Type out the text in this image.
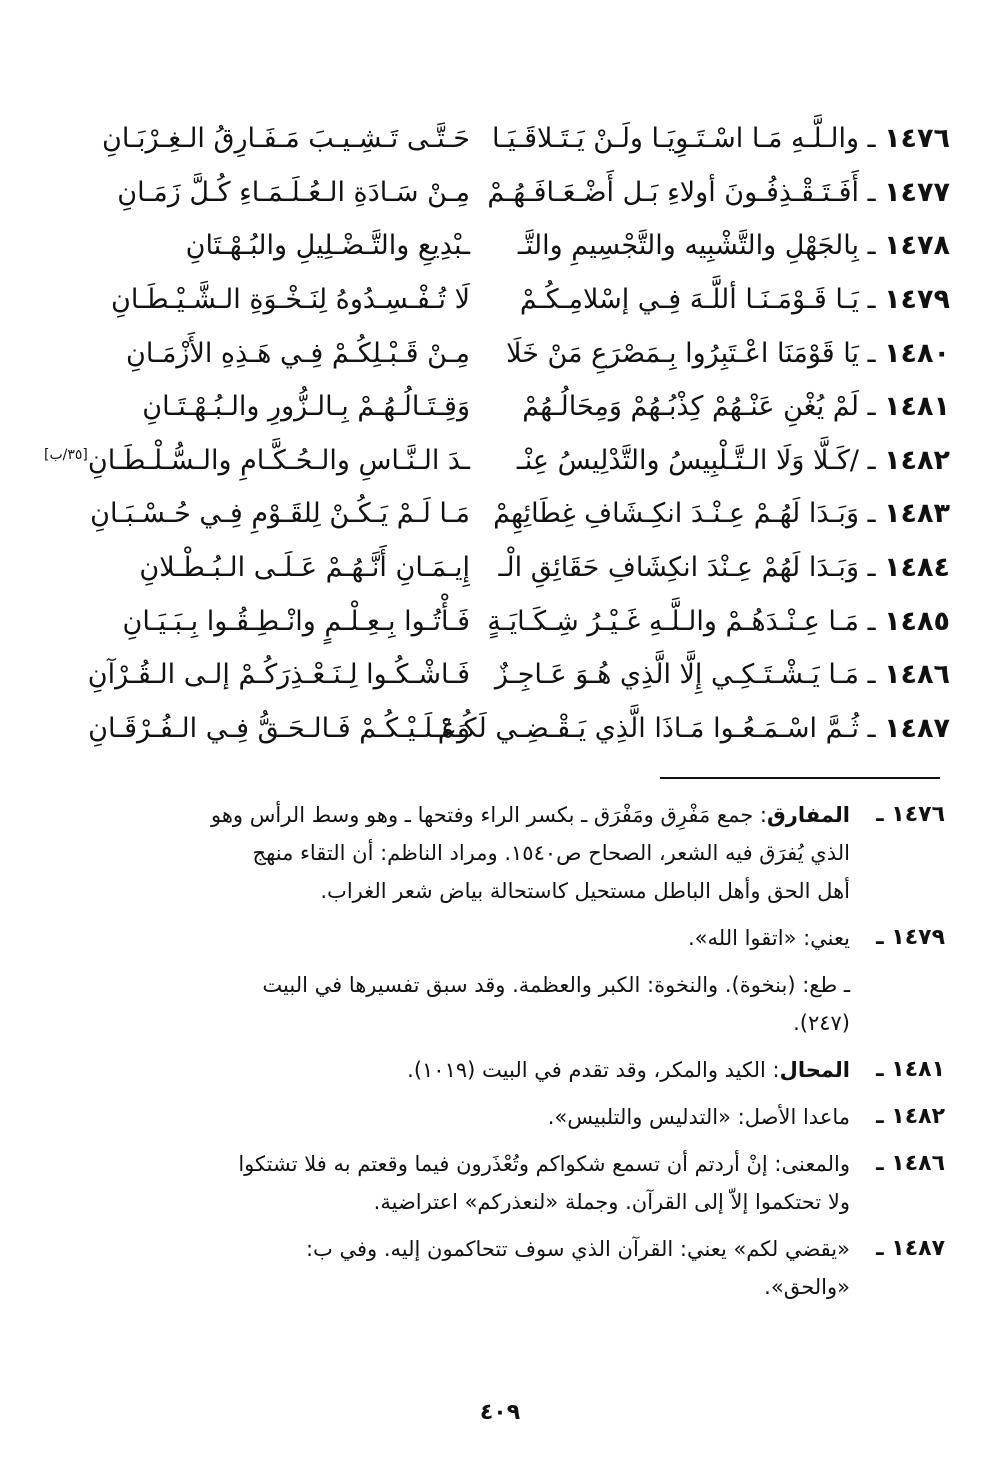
١٤٧٦ ـ والـلَّـهِ مَـا اسْـتَـوِيَـا ولَـنْ يَـتَـلاقَـيَـا
حَـتَّـى تَـشِـيـبَ مَـفَـارِقُ الـغِـرْبَـانِ
١٤٧٧ ـ أَفَـتَـقْـذِفُـونَ أولاءِ بَـل أَضْـعَـافَـهُـمْ
مِـنْ سَـادَةِ الـعُـلَـمَـاءِ كُـلَّ زَمَـانِ
١٤٧٨ ـ بِالجَهْلِ والتَّشْبِيه والتَّجْسِيمِ والتَّـ
ـبْدِيعِ والتَّـضْـلِيلِ والبُـهْـتَانِ
١٤٧٩ ـ يَـا قَـوْمَـنَـا أللَّـهَ فِـي إسْلامِـكُـمْ
لَا تُـفْـسِـدُوهُ لِنَـخْـوَةِ الـشَّـيْـطَـانِ
١٤٨٠ ـ يَا قَوْمَنَا اعْـتَبِرُوا بِـمَصْرَعِ مَنْ خَلَا
مِـنْ قَـبْـلِكُـمْ فِـي هَـذِهِ الأَزْمَـانِ
١٤٨١ ـ لَمْ يُغْنِ عَنْـهُمْ كِذْبُـهُمْ وَمِحَالُـهُمْ
وَقِـتَـالُـهُـمْ بِـالـزُّورِ والـبُـهْـتَـانِ
١٤٨٢ ـ /كَـلَّا وَلَا الـتَّـلْبِيسُ والتَّدْلِيسُ عِنْـ
ـدَ الـنَّـاسِ والـحُـكَّـامِ والـسُّـلْـطَـانِ[٣٥/ب]
١٤٨٣ ـ وَبَـدَا لَهُـمْ عِـنْـدَ انكِـشَافِ غِطَائِهِمْ
مَـا لَـمْ يَـكُـنْ لِلقَـوْمِ فِـي حُـسْـبَـانِ
١٤٨٤ ـ وَبَـدَا لَهُمْ عِـنْدَ انكِشَافِ حَقَائِقِ الْـ
إِيـمَـانِ أَنَّـهُـمْ عَـلَـى الـبُـطْـلانِ
١٤٨٥ ـ مَـا عِـنْـدَهُـمْ والـلَّـهِ غَـيْـرُ شِـكَـايَـةٍ
فَـأْتُـوا بِـعِـلْـمٍ وانْـطِـقُـوا بِـبَـيَـانِ
١٤٨٦ ـ مَـا يَـشْـتَـكِـي إِلَّا الَّذِي هُـوَ عَـاجِـزٌ
فَـاشْـكُـوا لِـنَـعْـذِرَكُـمْ إلـى الـقُـرْآنِ
١٤٨٧ ـ ثُـمَّ اسْـمَـعُـوا مَـاذَا الَّذِي يَـقْـضِـي لَكُـمْ
وَعَـلَـيْـكُـمْ فَـالـحَـقُّ فِـي الـفُـرْقَـانِ
١٤٧٦ ـ
المفارق: جمع مَفْرِق ومَفْرَق ـ بكسر الراء وفتحها ـ وهو وسط الرأس وهو
الذي يُفرَق فيه الشعر، الصحاح ص١٥٤٠. ومراد الناظم: أن التقاء منهج
أهل الحق وأهل الباطل مستحيل كاستحالة بياض شعر الغراب.
١٤٧٩ ـ
يعني: «اتقوا الله».
ـ طع: (بنخوة). والنخوة: الكبر والعظمة. وقد سبق تفسيرها في البيت
(٢٤٧).
١٤٨١ ـ
المحال: الكيد والمكر، وقد تقدم في البيت (١٠١٩).
١٤٨٢ ـ
ماعدا الأصل: «التدليس والتلبيس».
١٤٨٦ ـ
والمعنى: إنْ أردتم أن تسمع شكواكم وتُعْذَرون فيما وقعتم به فلا تشتكوا
ولا تحتكموا إلاّ إلى القرآن. وجملة «لنعذركم» اعتراضية.
١٤٨٧ ـ
«يقضي لكم» يعني: القرآن الذي سوف تتحاكمون إليه. وفي ب:
«والحق».
٤٠٩
